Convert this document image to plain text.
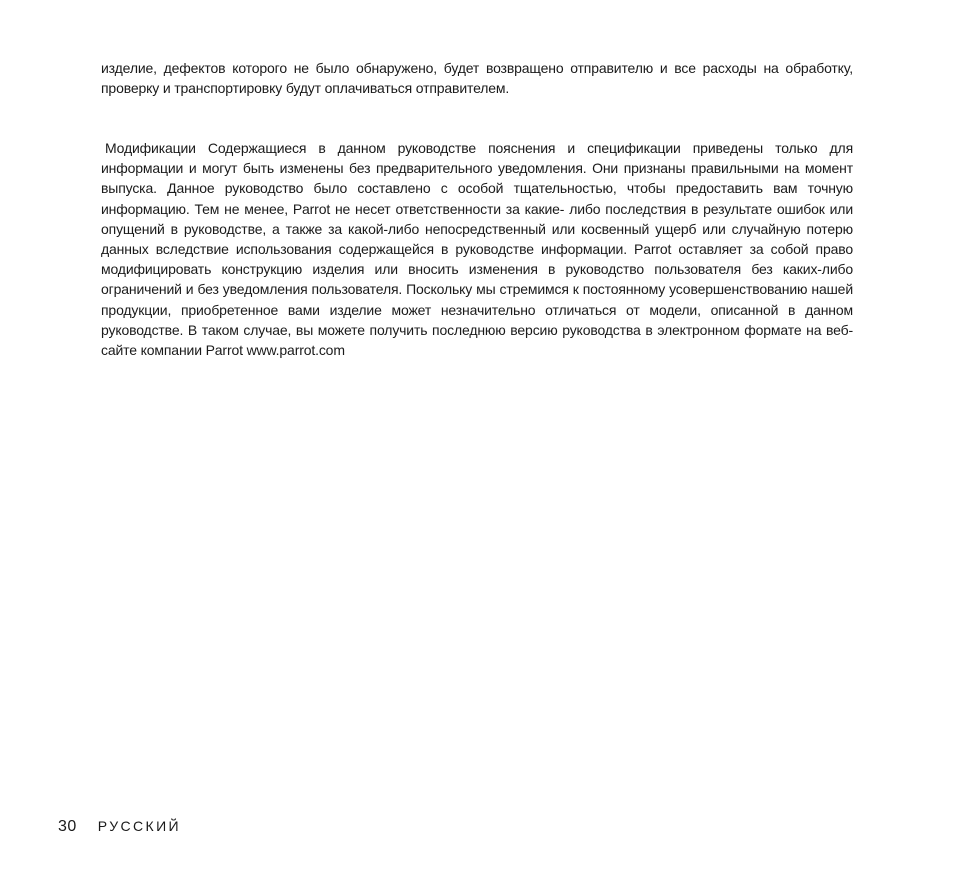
изделие, дефектов которого не было обнаружено, будет возвращено отправителю и все расходы на обработку, проверку и транспортировку будут оплачиваться отправителем.

Модификации Содержащиеся в данном руководстве пояснения и спецификации приведены только для информации и могут быть изменены без предварительного уведомления. Они признаны правильными на момент выпуска. Данное руководство было составлено с особой тщательностью, чтобы предоставить вам точную информацию. Тем не менее, Parrot не несет ответственности за какие- либо последствия в результате ошибок или опущений в руководстве, а также за какой-либо непосредственный или косвенный ущерб или случайную потерю данных вследствие использования содержащейся в руководстве информации. Parrot оставляет за собой право модифицировать конструкцию изделия или вносить изменения в руководство пользователя без каких-либо ограничений и без уведомления пользователя. Поскольку мы стремимся к постоянному усовершенствованию нашей продукции, приобретенное вами изделие может незначительно отличаться от модели, описанной в данном руководстве. В таком случае, вы можете получить последнюю версию руководства в электронном формате на веб-сайте компании Parrot www.parrot.com

30 РУССКИЙ
